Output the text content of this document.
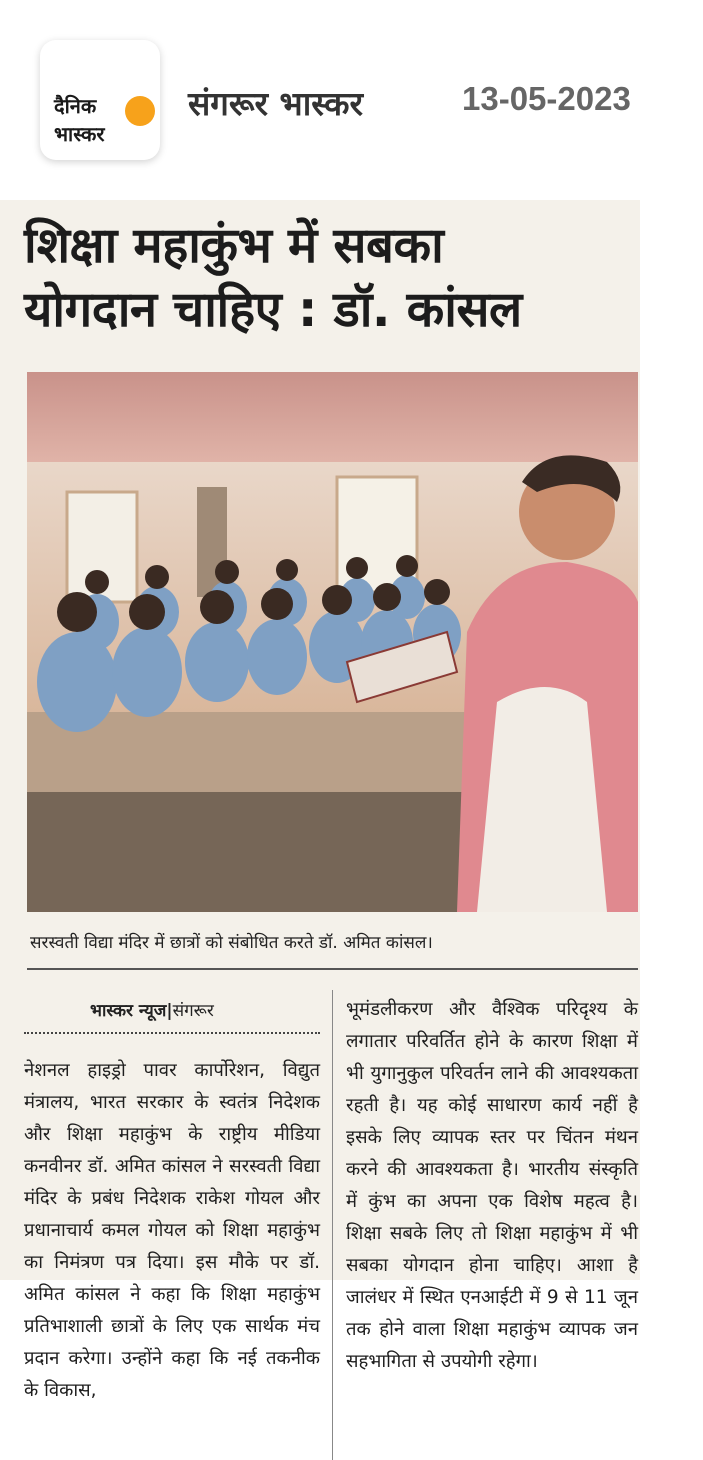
दैनिक
भास्कर
संगरूर भास्कर	13-05-2023
शिक्षा महाकुंभ में सबका
योगदान चाहिए : डॉ. कांसल
सरस्वती विद्या मंदिर में छात्रों को संबोधित करते डॉ. अमित कांसल।
भास्कर न्यूज|संगरूर
नेशनल हाइड्रो पावर कार्पोरेशन, विद्युत मंत्रालय, भारत सरकार के स्वतंत्र निदेशक और शिक्षा महाकुंभ के राष्ट्रीय मीडिया कनवीनर डॉ. अमित कांसल ने सरस्वती विद्या मंदिर के प्रबंध निदेशक राकेश गोयल और प्रधानाचार्य कमल गोयल को शिक्षा महाकुंभ का निमंत्रण पत्र दिया। इस मौके पर डॉ. अमित कांसल ने कहा कि शिक्षा महाकुंभ प्रतिभाशाली छात्रों के लिए एक सार्थक मंच प्रदान करेगा। उन्होंने कहा कि नई तकनीक के विकास,
भूमंडलीकरण और वैश्विक परिदृश्य के लगातार परिवर्तित होने के कारण शिक्षा में भी युगानुकुल परिवर्तन लाने की आवश्यकता रहती है। यह कोई साधारण कार्य नहीं है इसके लिए व्यापक स्तर पर चिंतन मंथन करने की आवश्यकता है। भारतीय संस्कृति में कुंभ का अपना एक विशेष महत्व है। शिक्षा सबके लिए तो शिक्षा महाकुंभ में भी सबका योगदान होना चाहिए। आशा है जालंधर में स्थित एनआईटी में 9 से 11 जून तक होने वाला शिक्षा महाकुंभ व्यापक जन सहभागिता से उपयोगी रहेगा।
